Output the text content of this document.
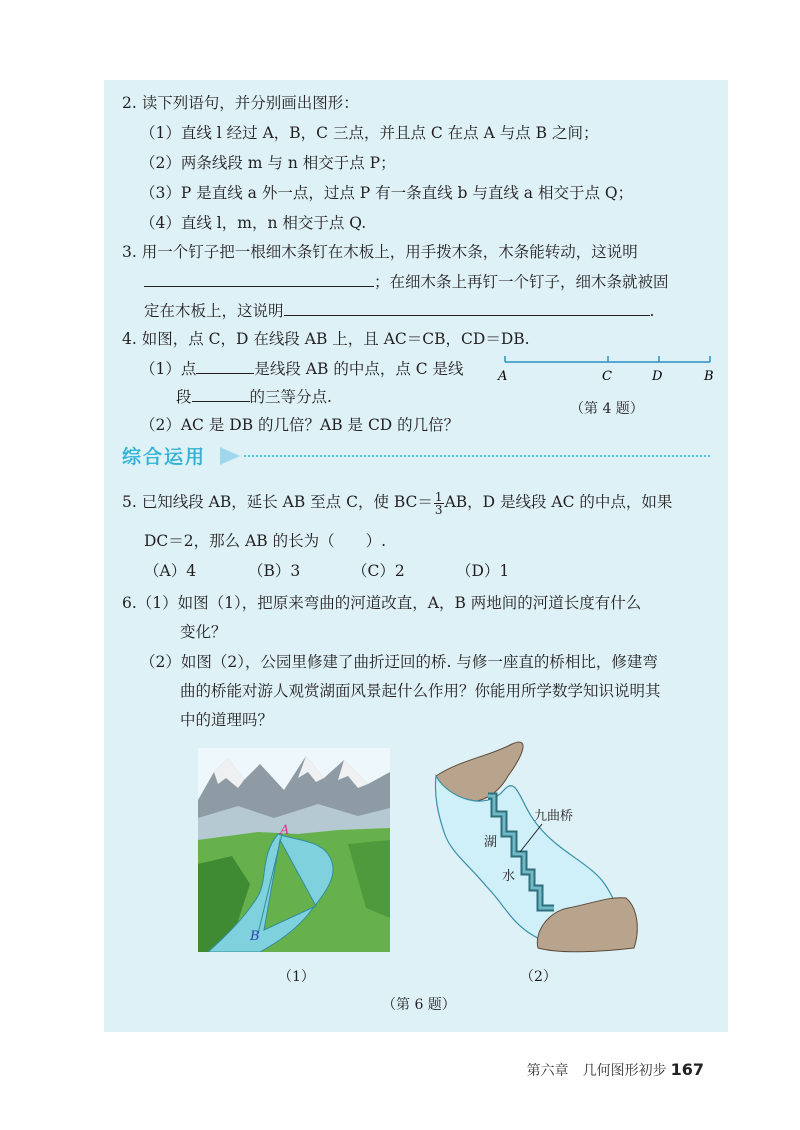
2. 读下列语句，并分别画出图形：
（1）直线 l 经过 A，B，C 三点，并且点 C 在点 A 与点 B 之间；
（2）两条线段 m 与 n 相交于点 P；
（3）P 是直线 a 外一点，过点 P 有一条直线 b 与直线 a 相交于点 Q；
（4）直线 l，m，n 相交于点 Q.
3. 用一个钉子把一根细木条钉在木板上，用手拨木条，木条能转动，这说明
；在细木条上再钉一个钉子，细木条就被固
定在木板上，这说明	.
4. 如图，点 C，D 在线段 AB 上，且 AC＝CB，CD＝DB.
（1）点	是线段 AB 的中点，点 C 是线
段	的三等分点.
（2）AC 是 DB 的几倍？AB 是 CD 的几倍？
A	C	D	B
（第 4 题）
综合运用
5. 已知线段 AB，延长 AB 至点 C，使 $BC= \frac{1}{3}$ AB，D 是线段 AC 的中点，如果
DC＝2，那么 AB 的长为（　　）.
（A）4	（B）3	（C）2	（D）1
6.（1）如图（1），把原来弯曲的河道改直，A，B 两地间的河道长度有什么
变化？
（2）如图（2），公园里修建了曲折迂回的桥. 与修一座直的桥相比，修建弯
曲的桥能对游人观赏湖面风景起什么作用？你能用所学数学知识说明其
中的道理吗？
A
B
九曲桥
湖
水
（1）	（2）
（第 6 题）
第六章　几何图形初步 167
